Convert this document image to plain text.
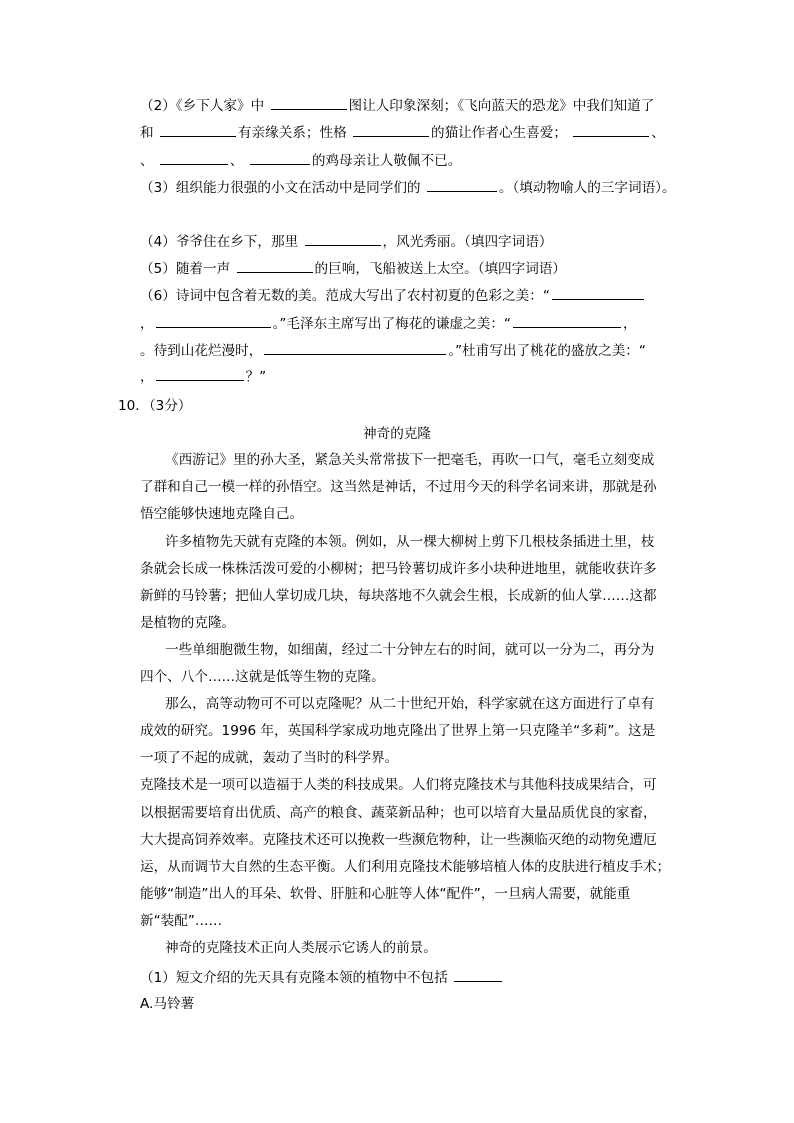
（2）《乡下人家》中	图让人印象深刻；《飞向蓝天的恐龙》中我们知道了
和	有亲缘关系；性格	的猫让作者心生喜爱；	、
、	、	的鸡母亲让人敬佩不已。
（3）组织能力很强的小文在活动中是同学们的	。（填动物喻人的三字词语）。
（4）爷爷住在乡下，那里	，风光秀丽。（填四字词语）
（5）随着一声	的巨响，飞船被送上太空。（填四字词语）
（6）诗词中包含着无数的美。范成大写出了农村初夏的色彩之美：“
，	。”毛泽东主席写出了梅花的谦虚之美：“	，
。待到山花烂漫时，	。”杜甫写出了桃花的盛放之美：“
，	？”
10．（3分）
神奇的克隆
《西游记》里的孙大圣，紧急关头常常拔下一把毫毛，再吹一口气，毫毛立刻变成
了群和自己一模一样的孙悟空。这当然是神话，不过用今天的科学名词来讲，那就是孙
悟空能够快速地克隆自己。
许多植物先天就有克隆的本领。例如，从一棵大柳树上剪下几根枝条插进土里，枝
条就会长成一株株活泼可爱的小柳树；把马铃薯切成许多小块种进地里，就能收获许多
新鲜的马铃薯；把仙人掌切成几块，每块落地不久就会生根，长成新的仙人掌……这都
是植物的克隆。
一些单细胞微生物，如细菌，经过二十分钟左右的时间，就可以一分为二，再分为
四个、八个……这就是低等生物的克隆。
那么，高等动物可不可以克隆呢？从二十世纪开始，科学家就在这方面进行了卓有
成效的研究。1996 年，英国科学家成功地克隆出了世界上第一只克隆羊“多莉”。这是
一项了不起的成就，轰动了当时的科学界。
克隆技术是一项可以造福于人类的科技成果。人们将克隆技术与其他科技成果结合，可
以根据需要培育出优质、高产的粮食、蔬菜新品种；也可以培育大量品质优良的家畜，
大大提高饲养效率。克隆技术还可以挽救一些濒危物种，让一些濒临灭绝的动物免遭厄
运，从而调节大自然的生态平衡。人们利用克隆技术能够培植人体的皮肤进行植皮手术；
能够“制造”出人的耳朵、软骨、肝脏和心脏等人体“配件”，一旦病人需要，就能重
新“装配”……
神奇的克隆技术正向人类展示它诱人的前景。
（1）短文介绍的先天具有克隆本领的植物中不包括
A.马铃薯
